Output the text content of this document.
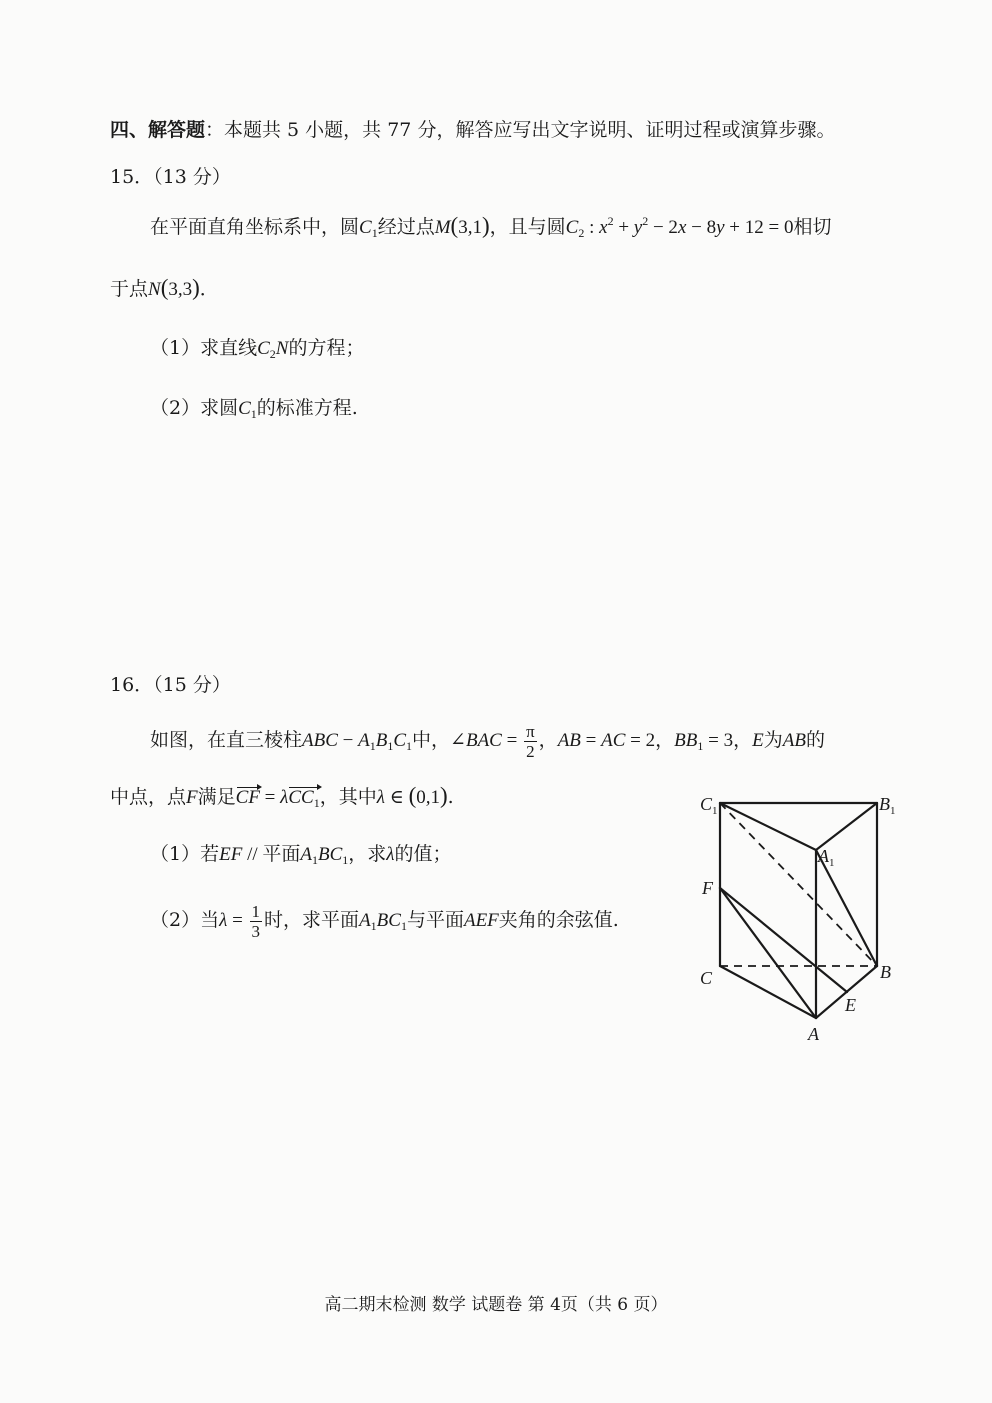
四、解答题：本题共 5 小题，共 77 分，解答应写出文字说明、证明过程或演算步骤。
15．（13 分）
在平面直角坐标系中，圆$C_1$经过点M(3,1)，且与圆$C_2$ : $x^2 + y^2 - 2x - 8y + 12 = 0$相切
于点N(3,3)．
（1）求直线$C_2N$的方程；
（2）求圆$C_1$的标准方程.
16．（15 分）
如图，在直三棱柱ABC − $A_1B_1C_1$中，∠BAC = $\frac{\pi}{2}$ ，AB = AC = 2，$BB_1 = 3$，E为AB的
中点，点F满足CF = λCC$_1$，其中λ ∈ (0,1).
（1）若EF // 平面$A_1BC_1$，求λ的值；
（2）当$\lambda = \frac{1}{3}$ 时，求平面$A_1BC_1$与平面AEF夹角的余弦值.
$C_1$	$B_1$
$A_1$
F
C	B
E
A
高二期末检测 数学 试题卷 第 4页（共 6 页）
